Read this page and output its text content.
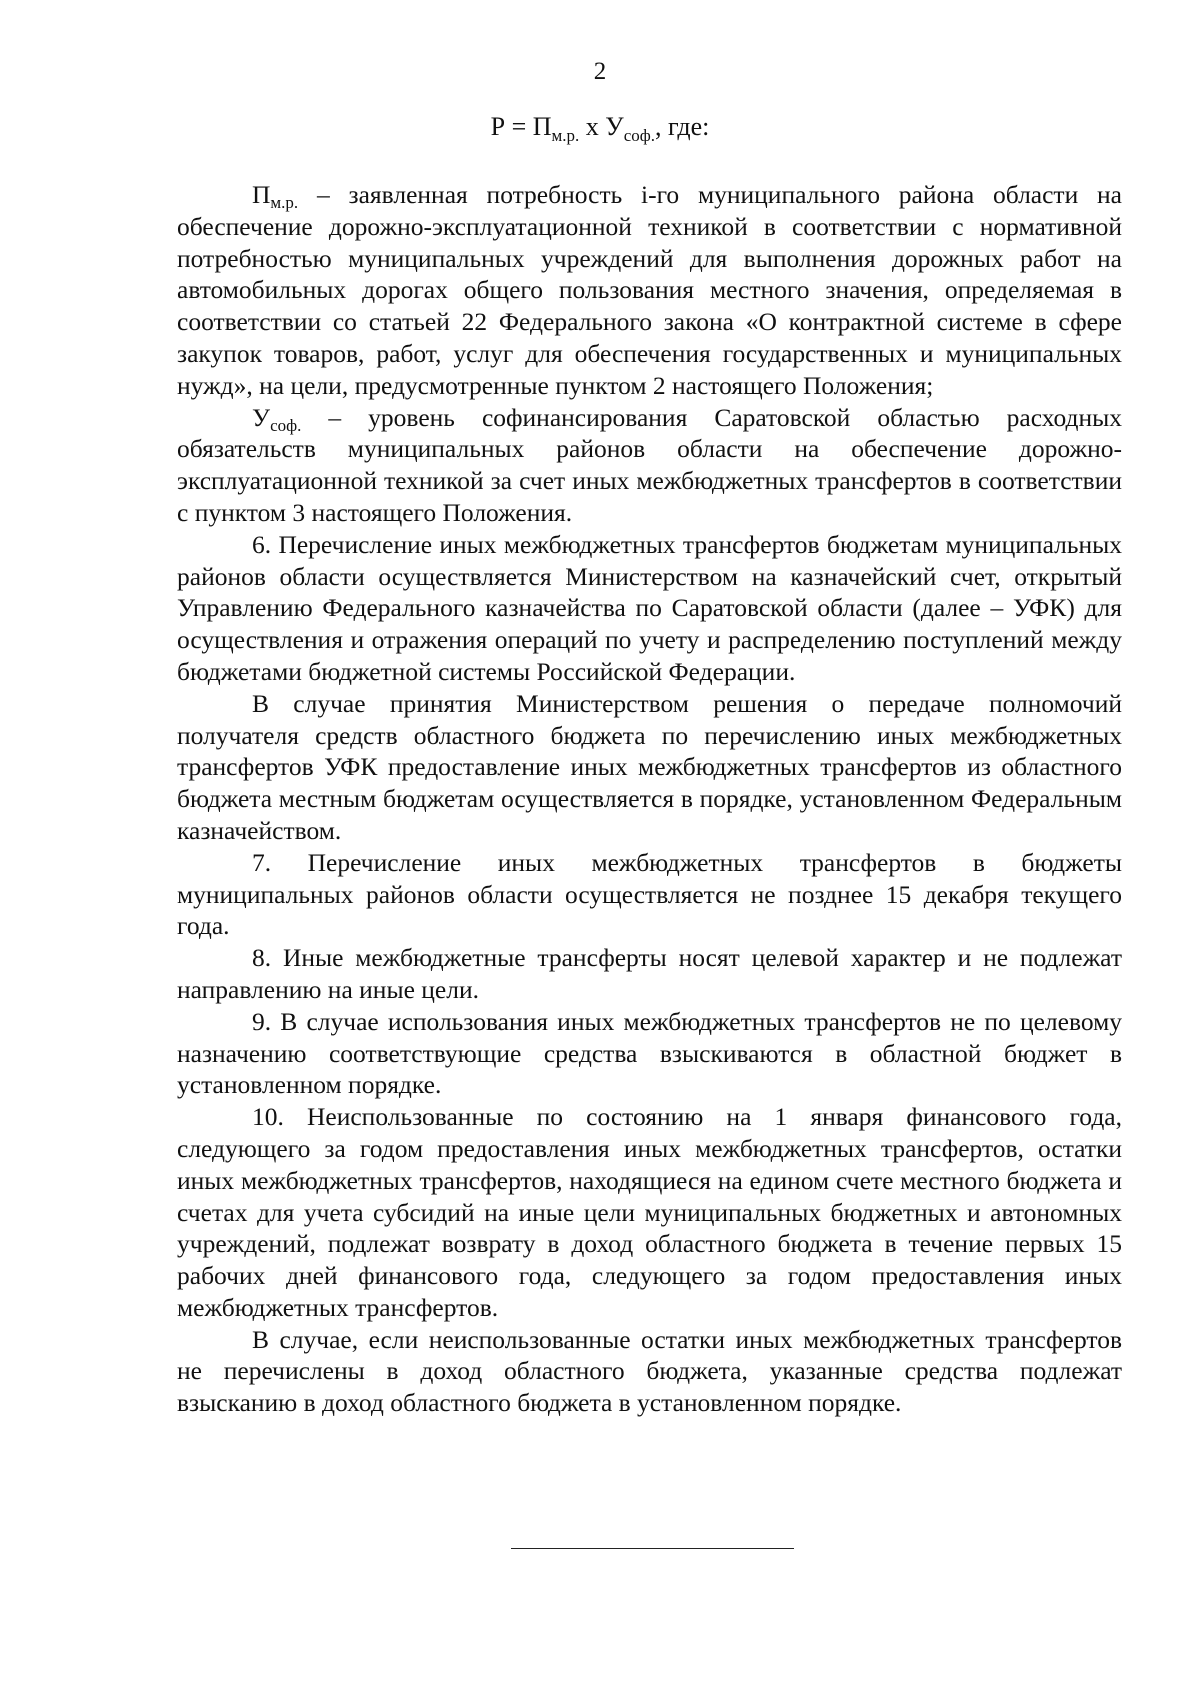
2
$Р = П_{м.р.}$ х $У_{соф.}$, где:

$П_{м.р.}$ – заявленная потребность i-го муниципального района области на обеспечение дорожно-эксплуатационной техникой в соответствии с нормативной потребностью муниципальных учреждений для выполнения дорожных работ на автомобильных дорогах общего пользования местного значения, определяемая в соответствии со статьей 22 Федерального закона «О контрактной системе в сфере закупок товаров, работ, услуг для обеспечения государственных и муниципальных нужд», на цели, предусмотренные пунктом 2 настоящего Положения;

$У_{соф.}$ – уровень софинансирования Саратовской областью расходных обязательств муниципальных районов области на обеспечение дорожно-эксплуатационной техникой за счет иных межбюджетных трансфертов в соответствии с пунктом 3 настоящего Положения.

6. Перечисление иных межбюджетных трансфертов бюджетам муниципальных районов области осуществляется Министерством на казначейский счет, открытый Управлению Федерального казначейства по Саратовской области (далее – УФК) для осуществления и отражения операций по учету и распределению поступлений между бюджетами бюджетной системы Российской Федерации.

В случае принятия Министерством решения о передаче полномочий получателя средств областного бюджета по перечислению иных межбюджетных трансфертов УФК предоставление иных межбюджетных трансфертов из областного бюджета местным бюджетам осуществляется в порядке, установленном Федеральным казначейством.

7. Перечисление иных межбюджетных трансфертов в бюджеты муниципальных районов области осуществляется не позднее 15 декабря текущего года.

8. Иные межбюджетные трансферты носят целевой характер и не подлежат направлению на иные цели.

9. В случае использования иных межбюджетных трансфертов не по целевому назначению соответствующие средства взыскиваются в областной бюджет в установленном порядке.

10. Неиспользованные по состоянию на 1 января финансового года, следующего за годом предоставления иных межбюджетных трансфертов, остатки иных межбюджетных трансфертов, находящиеся на едином счете местного бюджета и счетах для учета субсидий на иные цели муниципальных бюджетных и автономных учреждений, подлежат возврату в доход областного бюджета в течение первых 15 рабочих дней финансового года, следующего за годом предоставления иных межбюджетных трансфертов.

В случае, если неиспользованные остатки иных межбюджетных трансфертов не перечислены в доход областного бюджета, указанные средства подлежат взысканию в доход областного бюджета в установленном порядке.
